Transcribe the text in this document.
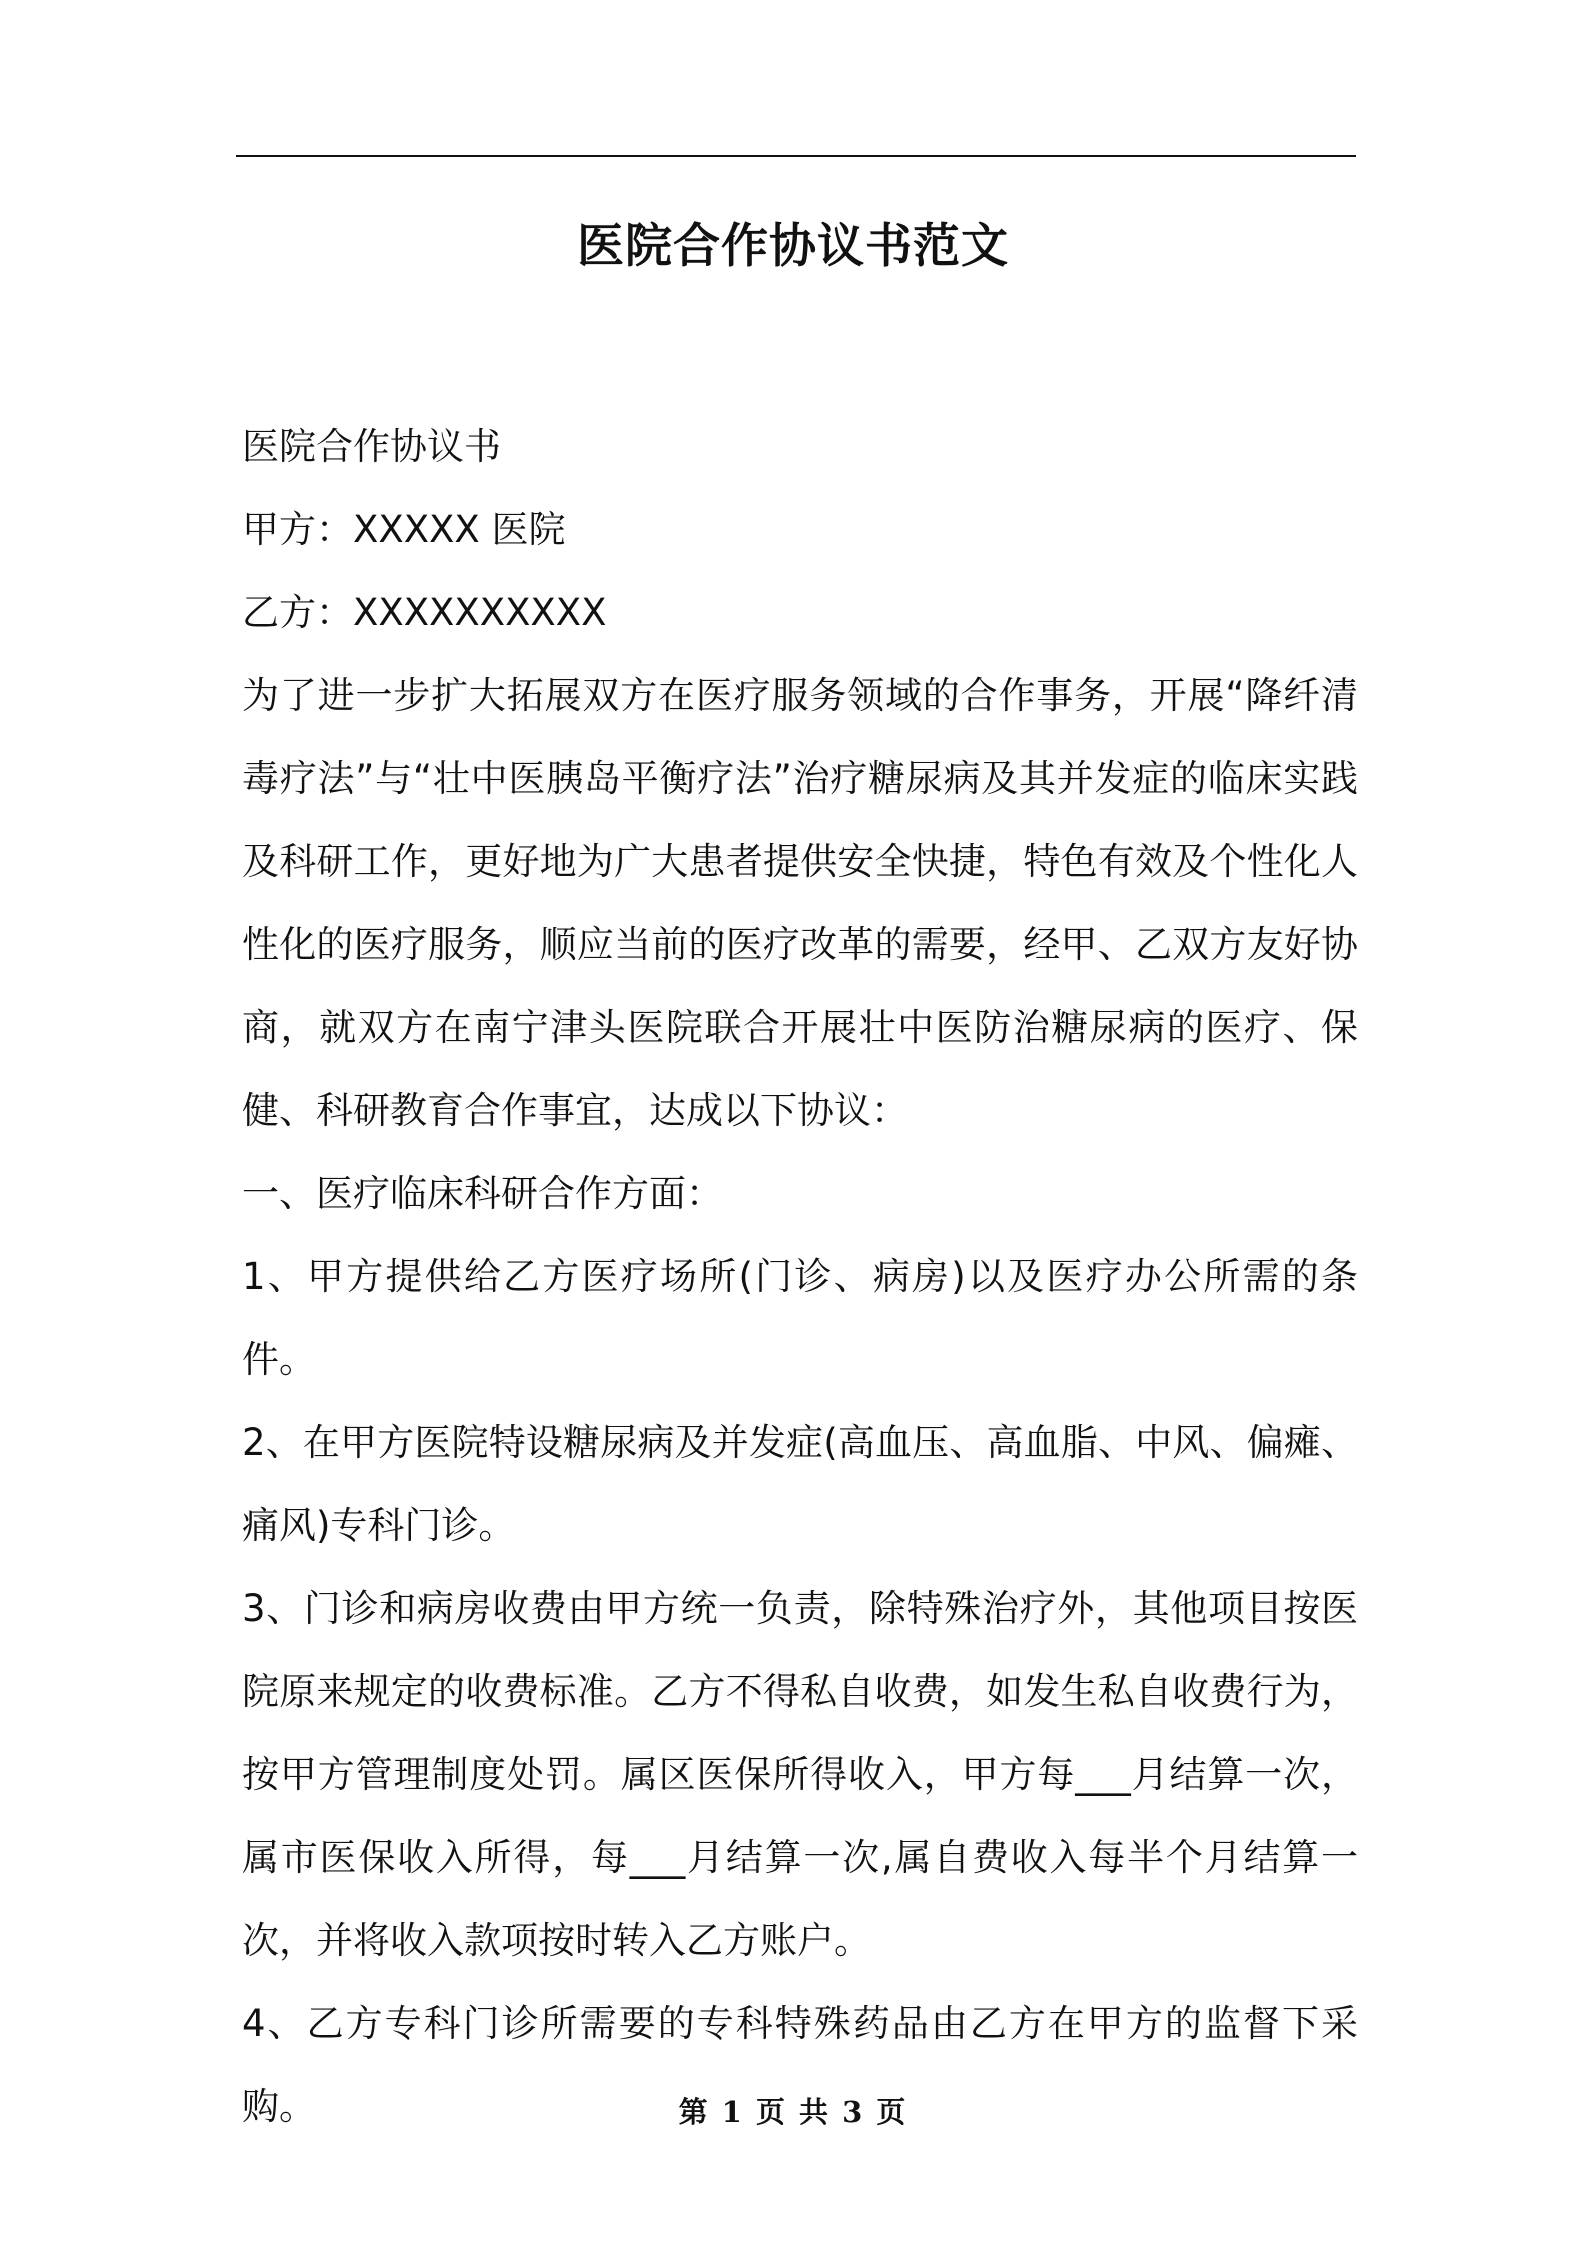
医院合作协议书范文

医院合作协议书

甲方：XXXXX 医院

乙方：XXXXXXXXXX

为了进一步扩大拓展双方在医疗服务领域的合作事务，开展“降纤清毒疗法”与“壮中医胰岛平衡疗法”治疗糖尿病及其并发症的临床实践及科研工作，更好地为广大患者提供安全快捷，特色有效及个性化人性化的医疗服务，顺应当前的医疗改革的需要，经甲、乙双方友好协商，就双方在南宁津头医院联合开展壮中医防治糖尿病的医疗、保健、科研教育合作事宜，达成以下协议：

一、医疗临床科研合作方面：

1、甲方提供给乙方医疗场所(门诊、病房)以及医疗办公所需的条件。

2、在甲方医院特设糖尿病及并发症(高血压、高血脂、中风、偏瘫、痛风)专科门诊。

3、门诊和病房收费由甲方统一负责，除特殊治疗外，其他项目按医院原来规定的收费标准。乙方不得私自收费，如发生私自收费行为，按甲方管理制度处罚。属区医保所得收入，甲方每___月结算一次，属市医保收入所得，每___月结算一次,属自费收入每半个月结算一次，并将收入款项按时转入乙方账户。

4、乙方专科门诊所需要的专科特殊药品由乙方在甲方的监督下采购。	第 1 页 共 3 页
